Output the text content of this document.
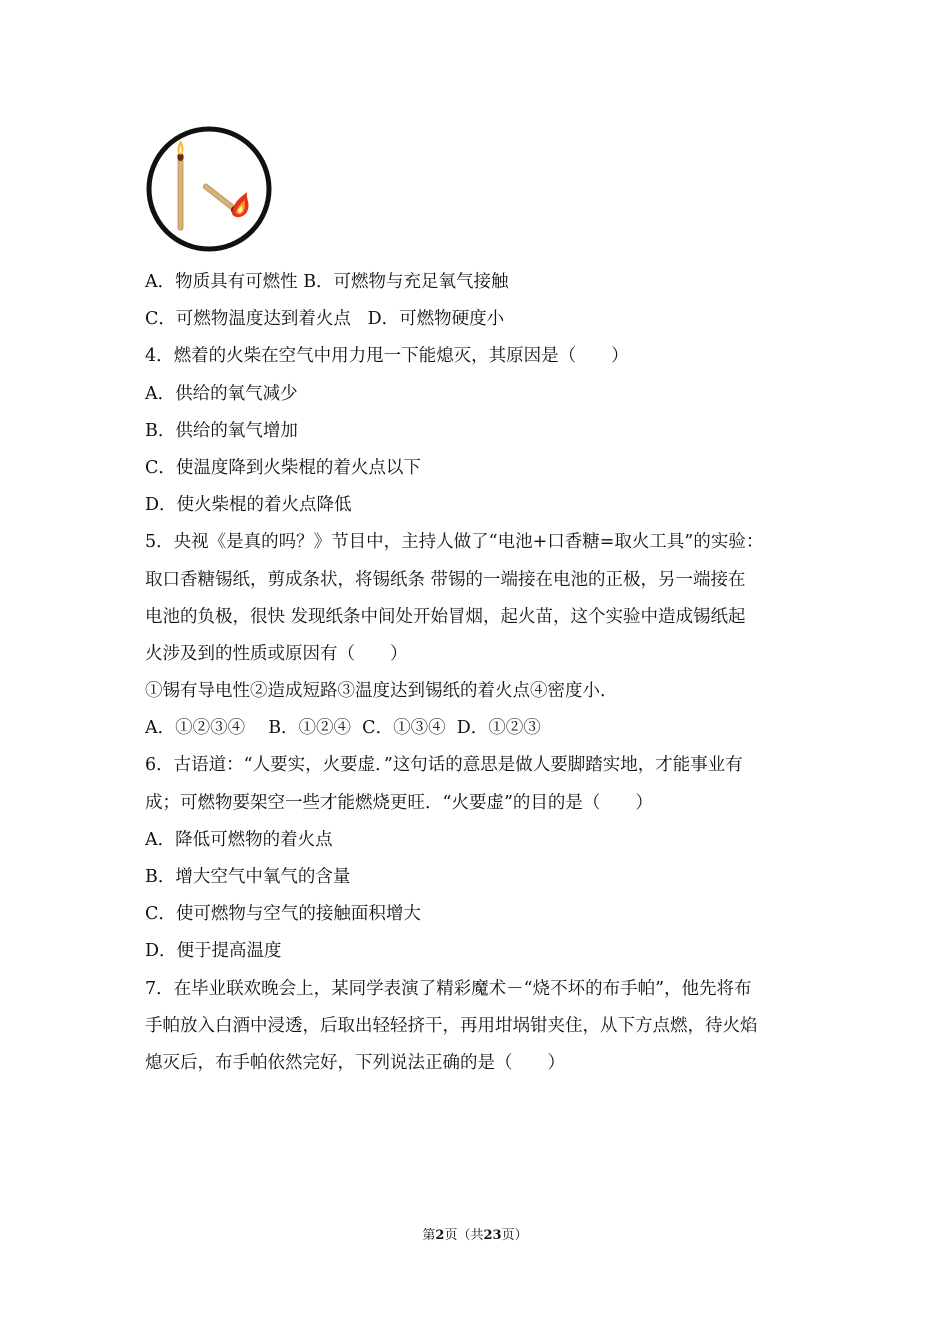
A．物质具有可燃性 B．可燃物与充足氧气接触
C．可燃物温度达到着火点   D．可燃物硬度小
4．燃着的火柴在空气中用力甩一下能熄灭，其原因是（　　）
A．供给的氧气减少
B．供给的氧气增加
C．使温度降到火柴棍的着火点以下
D．使火柴棍的着火点降低
5．央视《是真的吗？》节目中，主持人做了“电池+口香糖=取火工具”的实验：
取口香糖锡纸，剪成条状，将锡纸条 带锡的一端接在电池的正极，另一端接在
电池的负极，很快 发现纸条中间处开始冒烟，起火苗，这个实验中造成锡纸起
火涉及到的性质或原因有（　　）
①锡有导电性②造成短路③温度达到锡纸的着火点④密度小．
A．①②③④　 B．①②④  C．①③④  D．①②③
6．古语道：“人要实，火要虚．”这句话的意思是做人要脚踏实地，才能事业有
成；可燃物要架空一些才能燃烧更旺．“火要虚”的目的是（　　）
A．降低可燃物的着火点
B．增大空气中氧气的含量
C．使可燃物与空气的接触面积增大
D．便于提高温度
7．在毕业联欢晚会上，某同学表演了精彩魔术－“烧不坏的布手帕”，他先将布
手帕放入白酒中浸透，后取出轻轻挤干，再用坩埚钳夹住，从下方点燃，待火焰
熄灭后，布手帕依然完好，下列说法正确的是（　　）
第2页（共23页）
